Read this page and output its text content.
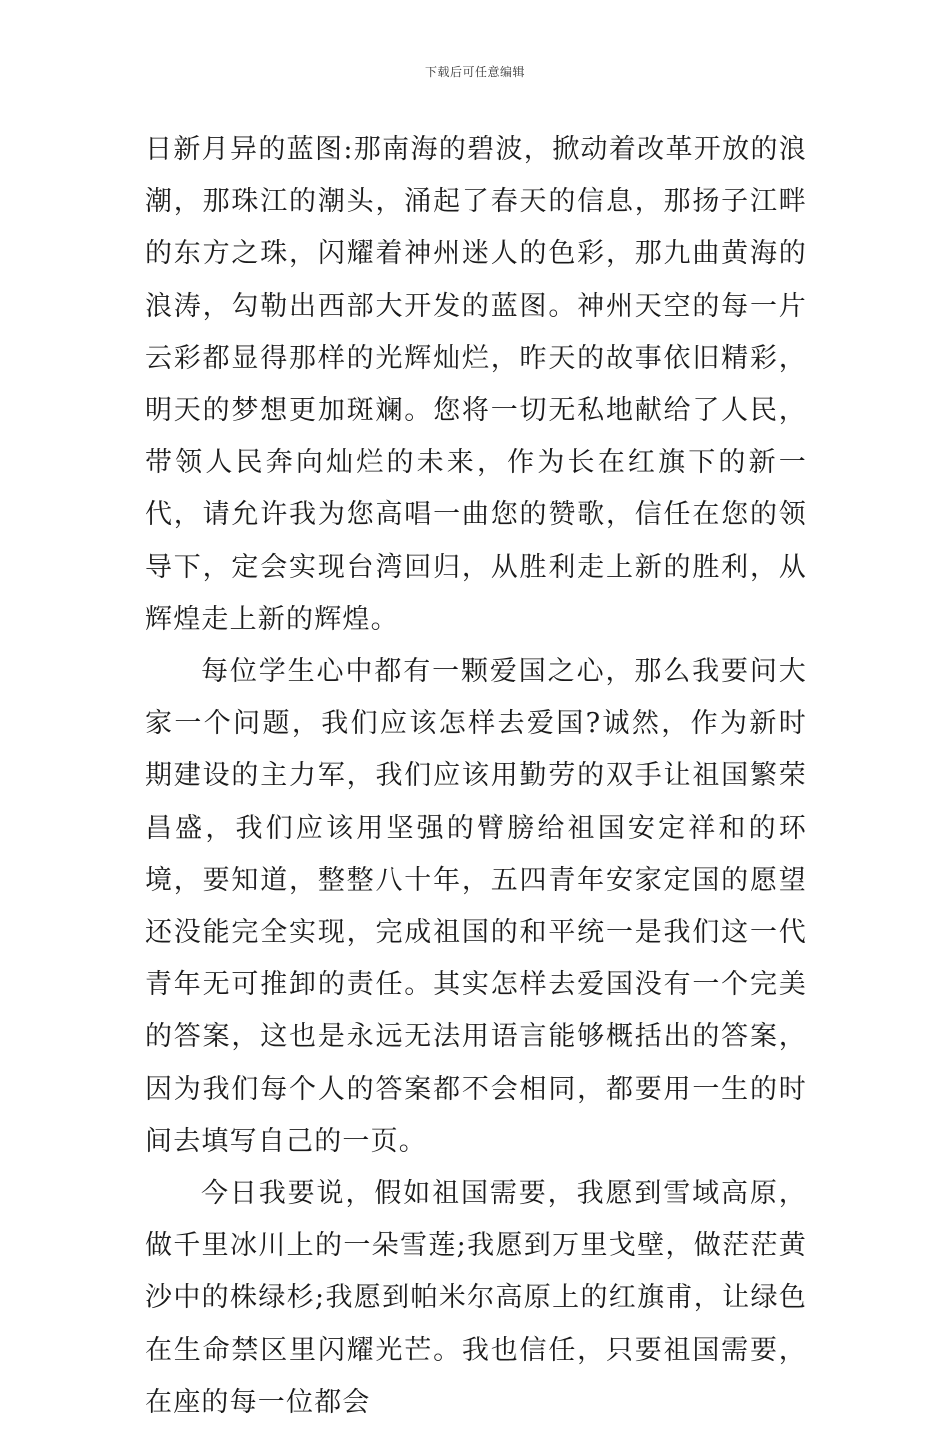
下载后可任意编辑

日新月异的蓝图:那南海的碧波，掀动着改革开放的浪潮，那珠江的潮头，涌起了春天的信息，那扬子江畔的东方之珠，闪耀着神州迷人的色彩，那九曲黄海的浪涛，勾勒出西部大开发的蓝图。神州天空的每一片云彩都显得那样的光辉灿烂，昨天的故事依旧精彩，明天的梦想更加斑斓。您将一切无私地献给了人民，带领人民奔向灿烂的未来，作为长在红旗下的新一代，请允许我为您高唱一曲您的赞歌，信任在您的领导下，定会实现台湾回归，从胜利走上新的胜利，从辉煌走上新的辉煌。

每位学生心中都有一颗爱国之心，那么我要问大家一个问题，我们应该怎样去爱国?诚然，作为新时期建设的主力军，我们应该用勤劳的双手让祖国繁荣昌盛，我们应该用坚强的臂膀给祖国安定祥和的环境，要知道，整整八十年，五四青年安家定国的愿望还没能完全实现，完成祖国的和平统一是我们这一代青年无可推卸的责任。其实怎样去爱国没有一个完美的答案，这也是永远无法用语言能够概括出的答案，因为我们每个人的答案都不会相同，都要用一生的时间去填写自己的一页。

今日我要说，假如祖国需要，我愿到雪域高原，做千里冰川上的一朵雪莲;我愿到万里戈壁，做茫茫黄沙中的株绿杉;我愿到帕米尔高原上的红旗甫，让绿色在生命禁区里闪耀光芒。我也信任，只要祖国需要，在座的每一位都会
